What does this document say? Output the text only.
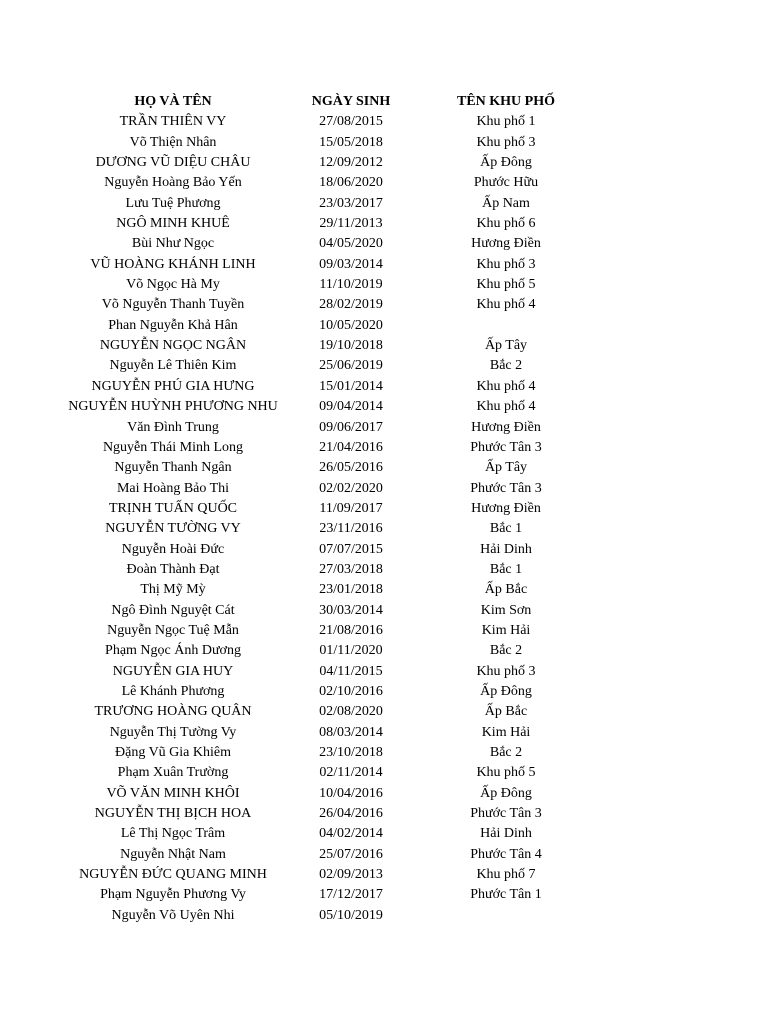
HỌ VÀ TÊN	NGÀY SINH	TÊN KHU PHỐ
TRẦN THIÊN VY	27/08/2015	Khu phố 1
Võ Thiện Nhân	15/05/2018	Khu phố 3
DƯƠNG VŨ DIỆU CHÂU	12/09/2012	Ấp Đông
Nguyễn Hoàng Bảo Yến	18/06/2020	Phước Hữu
Lưu Tuệ Phương	23/03/2017	Ấp Nam
NGÔ MINH KHUÊ	29/11/2013	Khu phố 6
Bùi Như Ngọc	04/05/2020	Hương Điền
VŨ HOÀNG KHÁNH LINH	09/03/2014	Khu phố 3
Võ Ngọc Hà My	11/10/2019	Khu phố 5
Võ Nguyễn Thanh Tuyền	28/02/2019	Khu phố 4
Phan Nguyễn Khả Hân	10/05/2020
NGUYỄN NGỌC NGÂN	19/10/2018	Ấp Tây
Nguyễn Lê Thiên Kim	25/06/2019	Bắc 2
NGUYỄN PHÚ GIA HƯNG	15/01/2014	Khu phố 4
NGUYỄN HUỲNH PHƯƠNG NHU	09/04/2014	Khu phố 4
Văn Đình Trung	09/06/2017	Hương Điền
Nguyễn Thái Minh Long	21/04/2016	Phước Tân 3
Nguyễn Thanh Ngân	26/05/2016	Ấp Tây
Mai Hoàng Bảo Thi	02/02/2020	Phước Tân 3
TRỊNH TUẤN QUỐC	11/09/2017	Hương Điền
NGUYỄN TƯỜNG VY	23/11/2016	Bắc 1
Nguyễn Hoài Đức	07/07/2015	Hải Dinh
Đoàn Thành Đạt	27/03/2018	Bắc 1
Thị Mỹ Mỳ	23/01/2018	Ấp Bắc
Ngô Đình Nguyệt Cát	30/03/2014	Kim Sơn
Nguyễn Ngọc Tuệ Mẫn	21/08/2016	Kim Hải
Phạm Ngọc Ánh Dương	01/11/2020	Bắc 2
NGUYỄN GIA HUY	04/11/2015	Khu phố 3
Lê Khánh Phương	02/10/2016	Ấp Đông
TRƯƠNG HOÀNG QUÂN	02/08/2020	Ấp Bắc
Nguyễn Thị Tường Vy	08/03/2014	Kim Hải
Đặng Vũ Gia Khiêm	23/10/2018	Bắc 2
Phạm Xuân Trường	02/11/2014	Khu phố 5
VÕ VĂN MINH KHÔI	10/04/2016	Ấp Đông
NGUYỄN THỊ BỊCH HOA	26/04/2016	Phước Tân 3
Lê Thị Ngọc Trâm	04/02/2014	Hải Dinh
Nguyễn Nhật Nam	25/07/2016	Phước Tân 4
NGUYỄN ĐỨC QUANG MINH	02/09/2013	Khu phố 7
Phạm Nguyễn Phương Vy	17/12/2017	Phước Tân 1
Nguyễn Võ Uyên Nhi	05/10/2019
